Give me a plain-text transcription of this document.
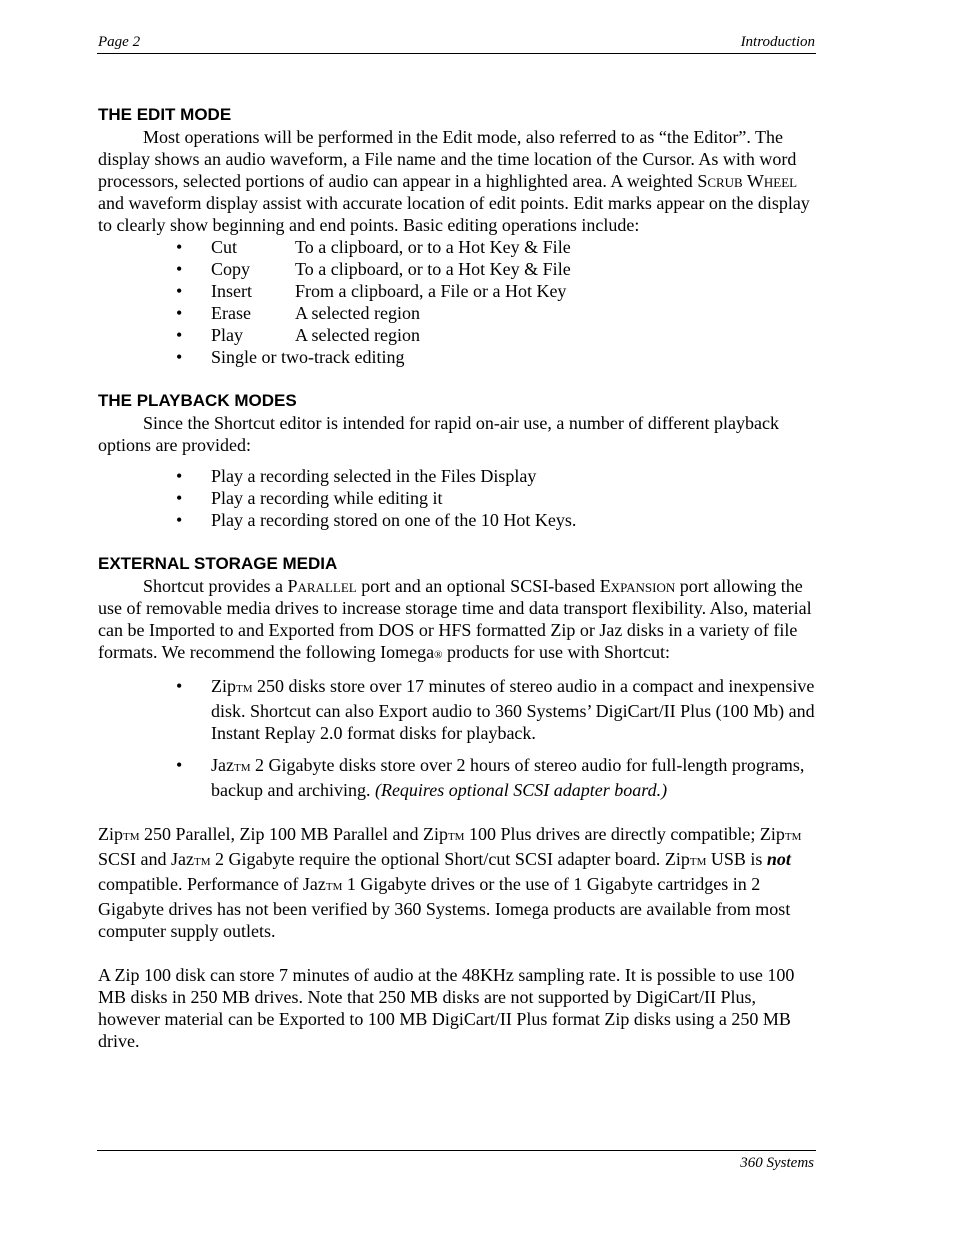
Page 2	Introduction
THE EDIT MODE

Most operations will be performed in the Edit mode, also referred to as “the Editor”. The display shows an audio waveform, a File name and the time location of the Cursor. As with word processors, selected portions of audio can appear in a highlighted area. A weighted Scrub Wheel and waveform display assist with accurate location of edit points. Edit marks appear on the display to clearly show beginning and end points. Basic editing operations include:

• Cut	To a clipboard, or to a Hot Key & File
• Copy To a clipboard, or to a Hot Key & File
• Insert From a clipboard, a File or a Hot Key
• Erase A selected region
• Play	A selected region
• Single or two-track editing
THE PLAYBACK MODES

Since the Shortcut editor is intended for rapid on-air use, a number of different playback options are provided:

• Play a recording selected in the Files Display
• Play a recording while editing it
• Play a recording stored on one of the 10 Hot Keys.
EXTERNAL STORAGE MEDIA

Shortcut provides a Parallel port and an optional SCSI-based Expansion port allowing the use of removable media drives to increase storage time and data transport flexibility. Also, material can be Imported to and Exported from DOS or HFS formatted Zip or Jaz disks in a variety of file formats. We recommend the following Iomega® products for use with Shortcut:

• ZipTM 250 disks store over 17 minutes of stereo audio in a compact and inexpensive disk. Shortcut can also Export audio to 360 Systems’ DigiCart/II Plus (100 Mb) and Instant Replay 2.0 format disks for playback.
• JazTM 2 Gigabyte disks store over 2 hours of stereo audio for full-length programs, backup and archiving. (Requires optional SCSI adapter board.)

ZipTM 250 Parallel, Zip 100 MB Parallel and ZipTM 100 Plus drives are directly compatible; ZipTM SCSI and JazTM 2 Gigabyte require the optional Short/cut SCSI adapter board. ZipTM USB is not compatible. Performance of JazTM 1 Gigabyte drives or the use of 1 Gigabyte cartridges in 2 Gigabyte drives has not been verified by 360 Systems. Iomega products are available from most computer supply outlets.

A Zip 100 disk can store 7 minutes of audio at the 48KHz sampling rate. It is possible to use 100 MB disks in 250 MB drives. Note that 250 MB disks are not supported by DigiCart/II Plus, however material can be Exported to 100 MB DigiCart/II Plus format Zip disks using a 250 MB drive.

360 Systems
